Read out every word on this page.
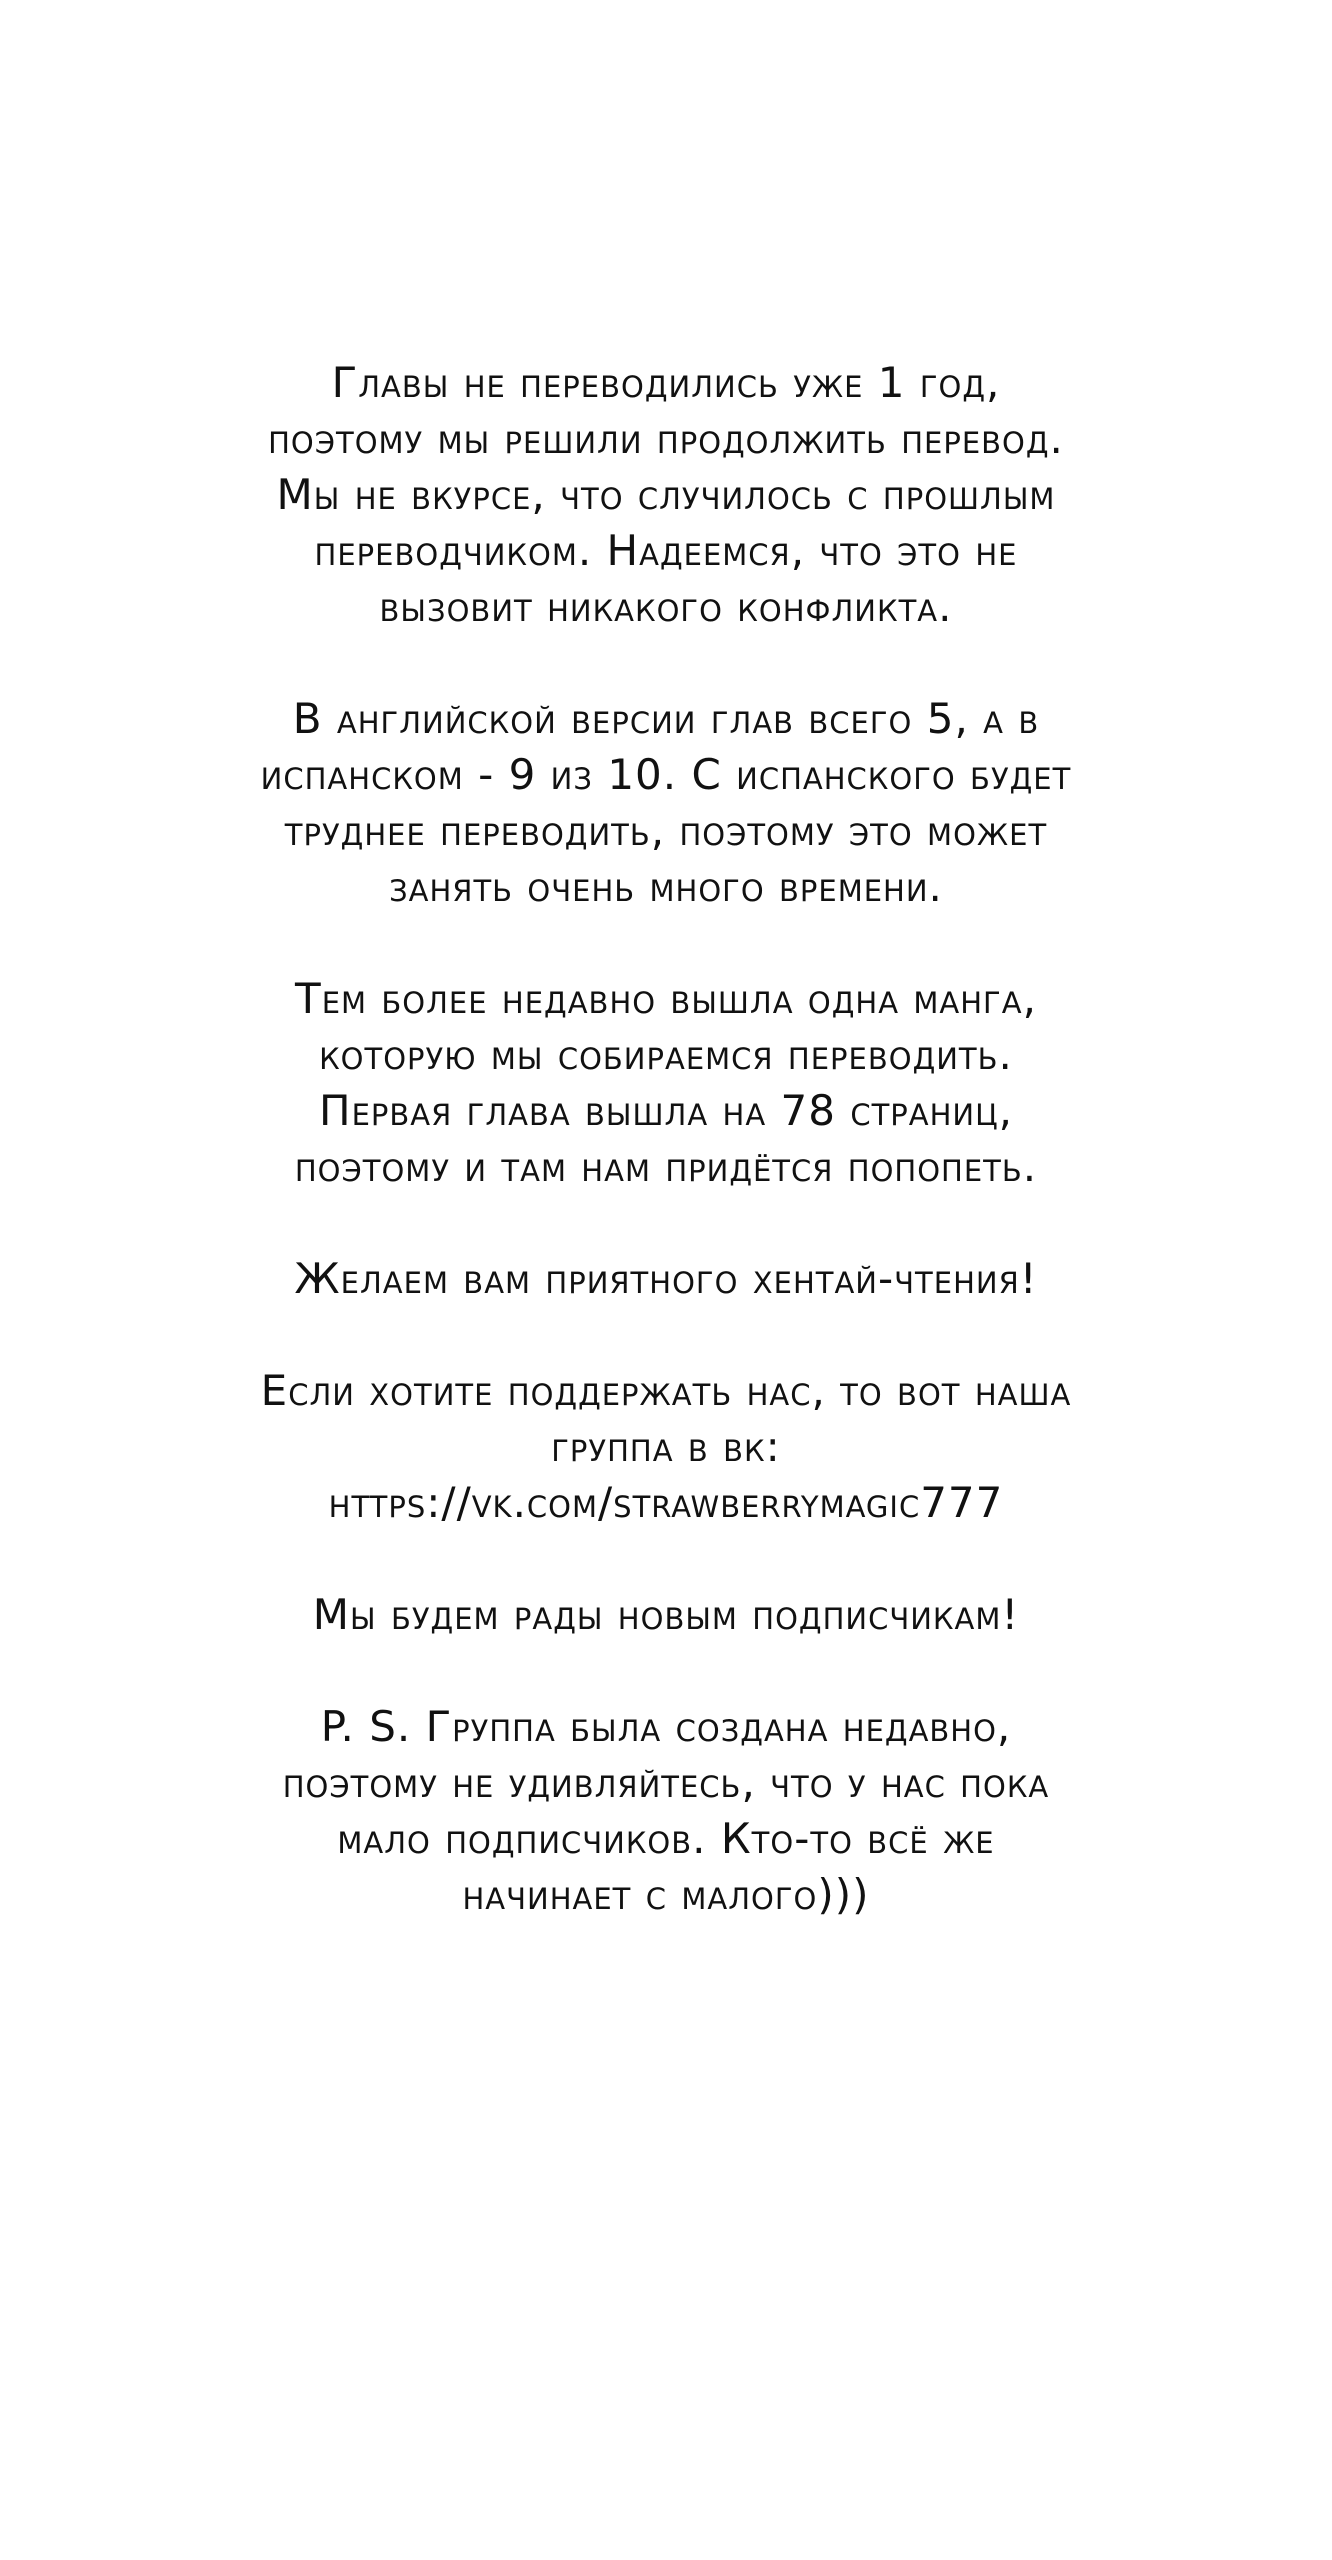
Главы не переводились уже 1 год,
поэтому мы решили продолжить перевод.
Мы не вкурсе, что случилось с прошлым
переводчиком. Надеемся, что это не
вызовит никакого конфликта.

В английской версии глав всего 5, а в
испанском - 9 из 10. С испанского будет
труднее переводить, поэтому это может
занять очень много времени.

Тем более недавно вышла одна манга,
которую мы собираемся переводить.
Первая глава вышла на 78 страниц,
поэтому и там нам придётся попопеть.

Желаем вам приятного хентай-чтения!

Если хотите поддержать нас, то вот наша
группа в вк:
https://vk.com/strawberrymagic777

Мы будем рады новым подписчикам!

P. S. Группа была создана недавно,
поэтому не удивляйтесь, что у нас пока
мало подписчиков. Кто-то всё же
начинает с малого)))
